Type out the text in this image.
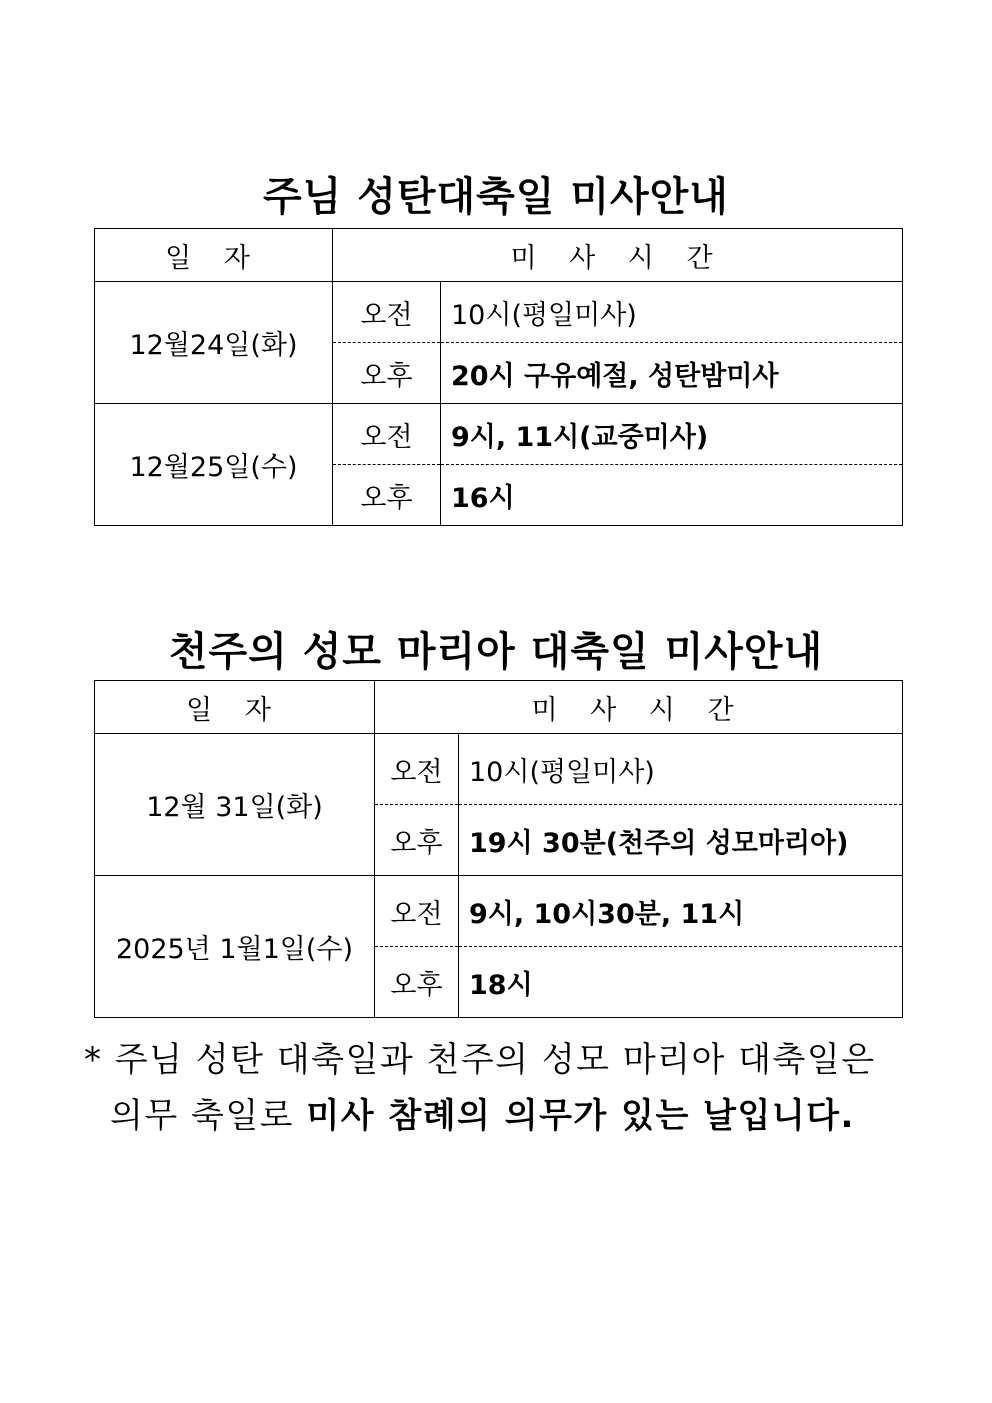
주님 성탄대축일 미사안내
일 자	미 사 시 간	
12월24일(화)	오전	10시(평일미사)
	오후	20시 구유예절, 성탄밤미사
12월25일(수)	오전	9시, 11시(교중미사)
	오후	16시
천주의 성모 마리아 대축일 미사안내
일 자	미 사 시 간	
12월 31일(화)	오전	10시(평일미사)
	오후	19시 30분(천주의 성모마리아)
2025년 1월1일(수)	오전	9시, 10시30분, 11시
	오후	18시
* 주님 성탄 대축일과 천주의 성모 마리아 대축일은
의무 축일로 미사 참례의 의무가 있는 날입니다.
